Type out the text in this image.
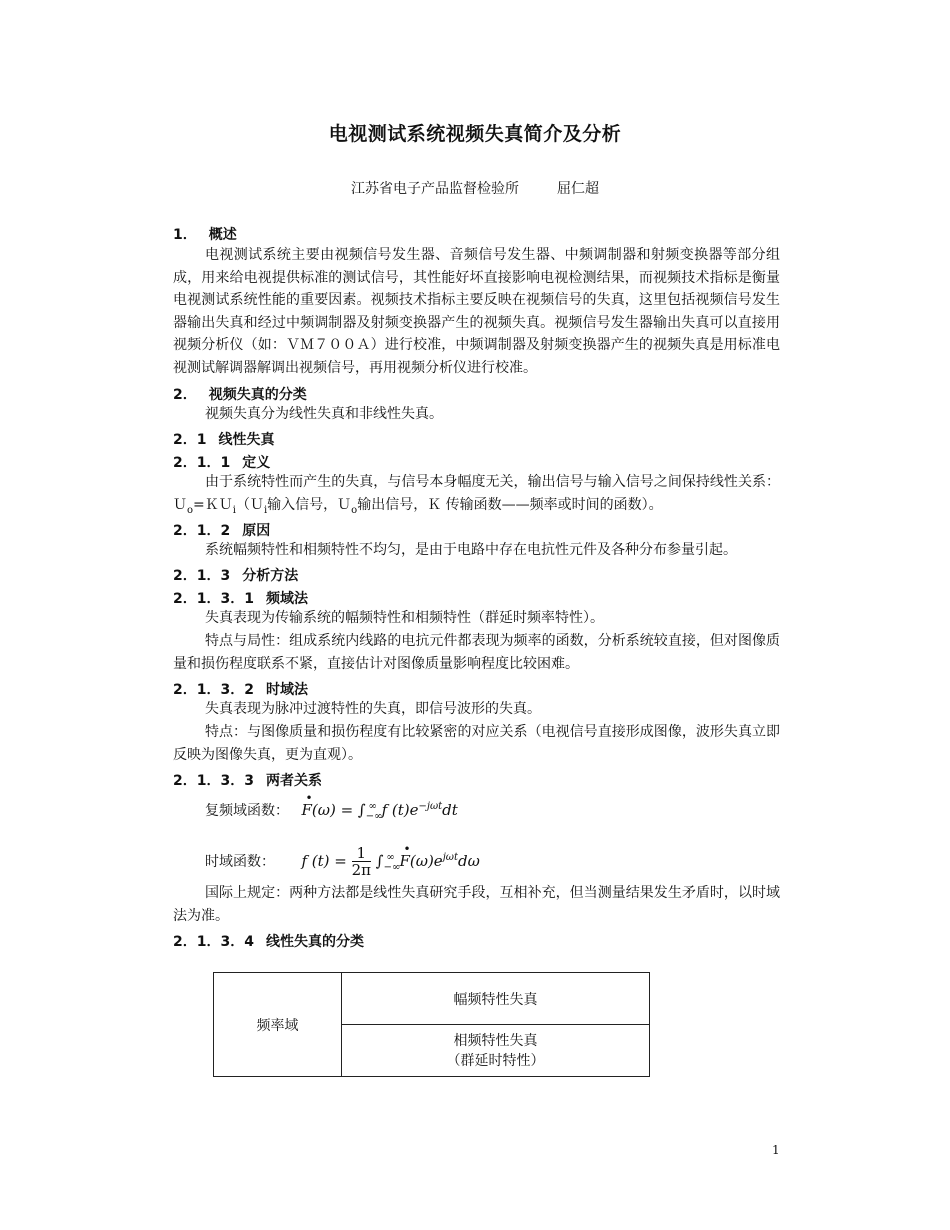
电视测试系统视频失真简介及分析
江苏省电子产品监督检验所	屈仁超
1． 概述
电视测试系统主要由视频信号发生器、音频信号发生器、中频调制器和射频变换器等部分组成，用来给电视提供标准的测试信号，其性能好坏直接影响电视检测结果，而视频技术指标是衡量电视测试系统性能的重要因素。视频技术指标主要反映在视频信号的失真，这里包括视频信号发生器输出失真和经过中频调制器及射频变换器产生的视频失真。视频信号发生器输出失真可以直接用视频分析仪（如：ＶＭ７００Ａ）进行校准，中频调制器及射频变换器产生的视频失真是用标准电视测试解调器解调出视频信号，再用视频分析仪进行校准。
2． 视频失真的分类
视频失真分为线性失真和非线性失真。
2．1 线性失真
2．1．1 定义
由于系统特性而产生的失真，与信号本身幅度无关，输出信号与输入信号之间保持线性关系：Ｕ$_o$=ＫＵ$_i$（Ｕ$_i$输入信号，Ｕ$_o$输出信号，Ｋ 传输函数——频率或时间的函数）。
2．1．2 原因
系统幅频特性和相频特性不均匀，是由于电路中存在电抗性元件及各种分布参量引起。
2．1．3 分析方法
2．1．3．1 频域法
失真表现为传输系统的幅频特性和相频特性（群延时频率特性）。
特点与局性：组成系统内线路的电抗元件都表现为频率的函数，分析系统较直接，但对图像质量和损伤程度联系不紧，直接估计对图像质量影响程度比较困难。
2．1．3．2 时域法
失真表现为脉冲过渡特性的失真，即信号波形的失真。
特点：与图像质量和损伤程度有比较紧密的对应关系（电视信号直接形成图像，波形失真立即反映为图像失真，更为直观）。
2．1．3．3 两者关系
复频域函数： F
•
$(\omega) = \int_{-\infty}^\infty$ f $(t)e^{-j\omega t}dt$
时域函数： f $(t) = \frac{1}{2\pi} \int_{-\infty}^\infty$ F
•
$(\omega)e^{j\omega t}d\omega$
国际上规定：两种方法都是线性失真研究手段，互相补充，但当测量结果发生矛盾时，以时域法为准。
2．1．3．4 线性失真的分类
频率域	幅频特性失真

相频特性失真
（群延时特性）
1
